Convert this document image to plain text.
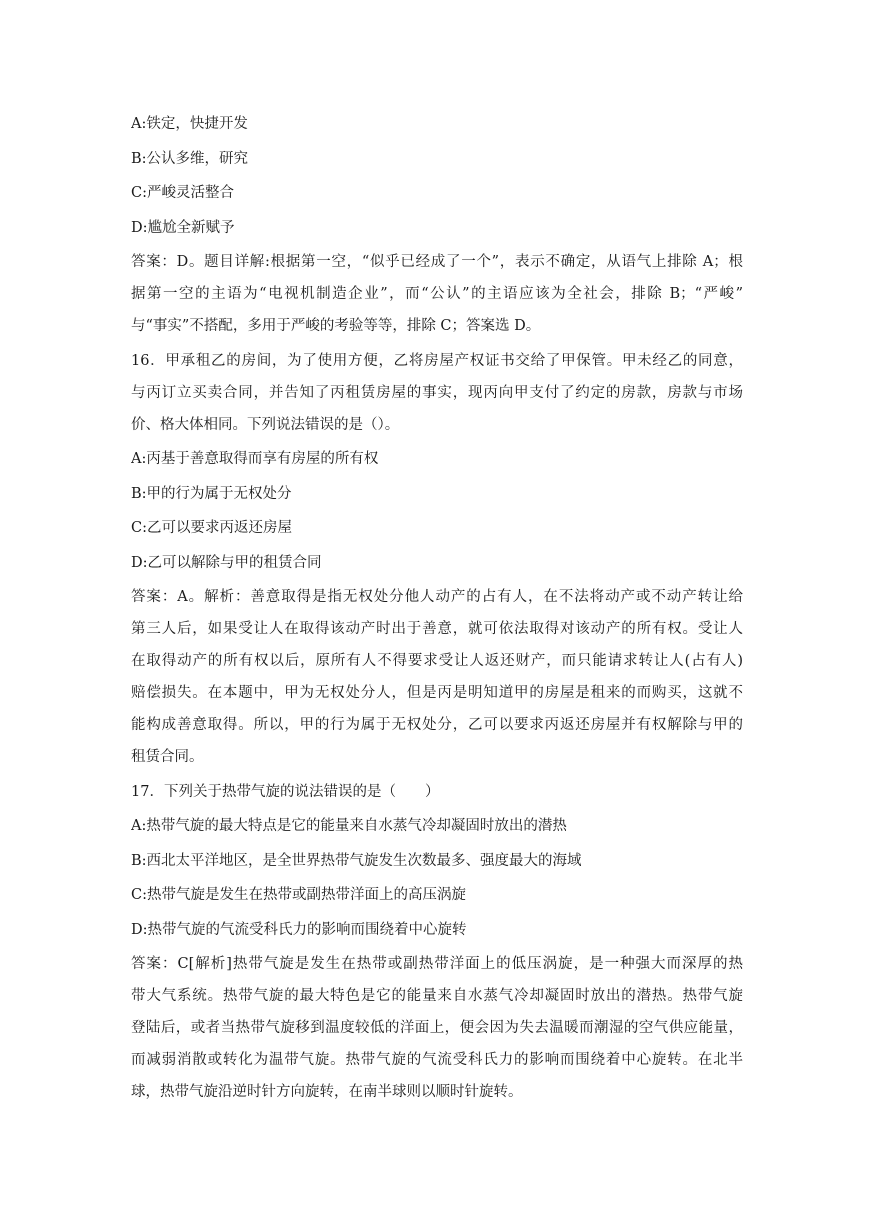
A:铁定，快捷开发
B:公认多维，研究
C:严峻灵活整合
D:尴尬全新赋予
答案：D。题目详解:根据第一空，“似乎已经成了一个”，表示不确定，从语气上排除 A；根
据第一空的主语为“电视机制造企业”，而“公认”的主语应该为全社会，排除 B；“严峻”
与“事实”不搭配，多用于严峻的考验等等，排除 C；答案选 D。
16．甲承租乙的房间，为了使用方便，乙将房屋产权证书交给了甲保管。甲未经乙的同意，
与丙订立买卖合同，并告知了丙租赁房屋的事实，现丙向甲支付了约定的房款，房款与市场
价、格大体相同。下列说法错误的是（）。
A:丙基于善意取得而享有房屋的所有权
B:甲的行为属于无权处分
C:乙可以要求丙返还房屋
D:乙可以解除与甲的租赁合同
答案：A。解析：善意取得是指无权处分他人动产的占有人，在不法将动产或不动产转让给
第三人后，如果受让人在取得该动产时出于善意，就可依法取得对该动产的所有权。受让人
在取得动产的所有权以后，原所有人不得要求受让人返还财产，而只能请求转让人(占有人)
赔偿损失。在本题中，甲为无权处分人，但是丙是明知道甲的房屋是租来的而购买，这就不
能构成善意取得。所以，甲的行为属于无权处分，乙可以要求丙返还房屋并有权解除与甲的
租赁合同。
17．下列关于热带气旋的说法错误的是（　　）
A:热带气旋的最大特点是它的能量来自水蒸气冷却凝固时放出的潜热
B:西北太平洋地区，是全世界热带气旋发生次数最多、强度最大的海域
C:热带气旋是发生在热带或副热带洋面上的高压涡旋
D:热带气旋的气流受科氏力的影响而围绕着中心旋转
答案：C[解析]热带气旋是发生在热带或副热带洋面上的低压涡旋，是一种强大而深厚的热
带大气系统。热带气旋的最大特色是它的能量来自水蒸气冷却凝固时放出的潜热。热带气旋
登陆后，或者当热带气旋移到温度较低的洋面上，便会因为失去温暖而潮湿的空气供应能量，
而减弱消散或转化为温带气旋。热带气旋的气流受科氏力的影响而围绕着中心旋转。在北半
球，热带气旋沿逆时针方向旋转，在南半球则以顺时针旋转。
